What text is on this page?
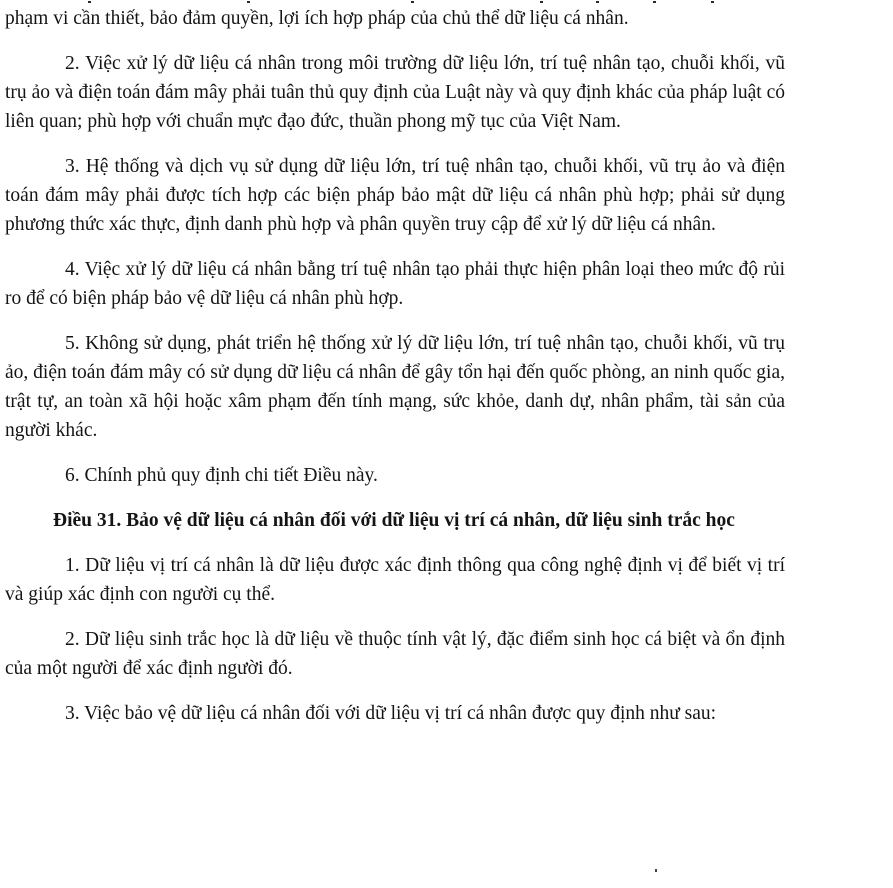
phạm vi cần thiết, bảo đảm quyền, lợi ích hợp pháp của chủ thể dữ liệu cá nhân.

2. Việc xử lý dữ liệu cá nhân trong môi trường dữ liệu lớn, trí tuệ nhân tạo, chuỗi khối, vũ trụ ảo và điện toán đám mây phải tuân thủ quy định của Luật này và quy định khác của pháp luật có liên quan; phù hợp với chuẩn mực đạo đức, thuần phong mỹ tục của Việt Nam.

3. Hệ thống và dịch vụ sử dụng dữ liệu lớn, trí tuệ nhân tạo, chuỗi khối, vũ trụ ảo và điện toán đám mây phải được tích hợp các biện pháp bảo mật dữ liệu cá nhân phù hợp; phải sử dụng phương thức xác thực, định danh phù hợp và phân quyền truy cập để xử lý dữ liệu cá nhân.

4. Việc xử lý dữ liệu cá nhân bằng trí tuệ nhân tạo phải thực hiện phân loại theo mức độ rủi ro để có biện pháp bảo vệ dữ liệu cá nhân phù hợp.

5. Không sử dụng, phát triển hệ thống xử lý dữ liệu lớn, trí tuệ nhân tạo, chuỗi khối, vũ trụ ảo, điện toán đám mây có sử dụng dữ liệu cá nhân để gây tổn hại đến quốc phòng, an ninh quốc gia, trật tự, an toàn xã hội hoặc xâm phạm đến tính mạng, sức khỏe, danh dự, nhân phẩm, tài sản của người khác.

6. Chính phủ quy định chi tiết Điều này.

Điều 31. Bảo vệ dữ liệu cá nhân đối với dữ liệu vị trí cá nhân, dữ liệu sinh trắc học

1. Dữ liệu vị trí cá nhân là dữ liệu được xác định thông qua công nghệ định vị để biết vị trí và giúp xác định con người cụ thể.

2. Dữ liệu sinh trắc học là dữ liệu về thuộc tính vật lý, đặc điểm sinh học cá biệt và ổn định của một người để xác định người đó.

3. Việc bảo vệ dữ liệu cá nhân đối với dữ liệu vị trí cá nhân được quy định như sau:
